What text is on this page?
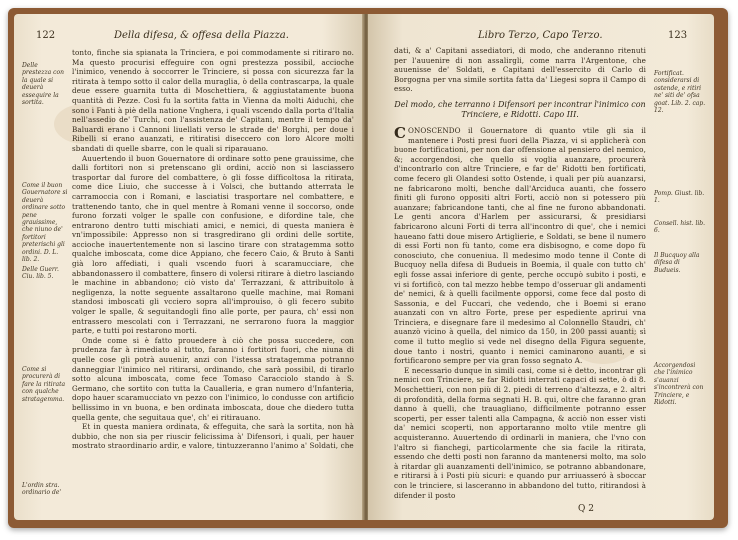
122	Della difesa, & offesa della Piazza.
Delle prestezza con la quale si deuerà essequire la sortita.
Come il buon Gouernatore si deuerà ordinare sotto pene grauissime, che niuno de' fortitori preterischi gli ordini. D. L. lib. 2.
Delle Guerr. Ciu. lib. 5.
Come si procurerà di fare la ritirata con qualche stratagemma.
L'ordin stra. ordinario de'

tonto, finche sia spianata la Trinciera, e poi commodamente si ritiraro no. Ma questo procurisi effeguire con ogni prestezza possibil, accioche l'inimico, venendo à soccorrer le Trinciere, si possa con sicurezza far la ritirata à tempo sotto il calor della muraglia, ò della contrascarpa, la quale deue essere guarnita tutta di Moschettiera, & aggiustatamente buona quantità di Pezze. Così fu la sortita fatta in Vienna da molti Aiduchi, che sono i Fanti à piè della natione Vnghera, i quali vscendo dalla porta d'Italia nell'assedio de' Turchi, con l'assistenza de' Capitani, mentre il tempo da' Baluardi erano i Cannoni liuellati verso le strade de' Borghi, per doue i Ribelli si erano auanzati, e ritiratisi diseccero con loro Alcore molti sbandati di quelle sbarre, con le quali si riparauano.

Auuertendo il buon Gouernatore di ordinare sotto pene grauissime, che dalli fortitori non si pretenscano gli ordini, acciò non si lasciassero trasportar dal furore del combattere, ò gli fosse difficoltosa la ritirata, come dice Liuio, che successe à i Volsci, che buttando atterrata le carramoccia con i Romani, e lasciatisi trasportare nel combattere, e trattenendo tanto, che in quel mentre à Romani venne il soccorso, onde furono forzati volger le spalle con confusione, e difordine tale, che entrarono dentro tutti mischiati amici, e nemici, di questa maniera è vn'impossibile: Appresso non si trasgredirano gli ordini delle sortite, accioche inauertentemente non si lascino tirare con stratagemma sotto qualche imboscata, come dice Appiano, che fecero Caio, & Bruto à Santi già loro affediati, i quali vscendo fuori à scaramucciare, che abbandonassero il combattere, finsero di volersi ritirare à dietro lasciando le machine in abbandono; ciò visto da' Terrazzani, & attribuitolo à negligenza, la notte seguente assaltarono quelle machine, mai Romani standosi imboscati gli vcciero sopra all'improuiso, ò gli fecero subito volger le spalle, & seguitandogli fino alle porte, per paura, ch' essi non entrassero mescolati con i Terrazzani, ne serrarono fuora la maggior parte, e tutti poi restarono morti.

Onde come si è fatto prouedere à ciò che possa succedere, con prudenza far à rimediato al tutto, faranno i fortitori fuori, che niuna di quelle cose gli potrà auuenir, anzi con l'istessa stratagemma potranno danneggiar l'inimico nel ritirarsi, ordinando, che sarà possibil, di tirarlo sotto alcuna imboscata, come fece Tomaso Caracciolo stando à S. Germano, che sortito con tutta la Caualleria, e gran numero d'Infanteria, dopo hauer scaramucciato vn pezzo con l'inimico, lo condusse con artificio bellissimo in vn buona, e ben ordinata imboscata, doue che diedero tutta quella gente, che seguitaua que', ch' ei ritirauano.

Et in questa maniera ordinata, & effeguita, che sarà la sortita, non hà dubbio, che non sia per riuscir felicissima à' Difensori, i quali, per hauer mostrato straordinario ardir, e valore, tintuzzeranno l'animo a' Soldati, che

Libro Terzo, Capo Terzo.	123

dati, & a' Capitani assediatori, di modo, che anderanno ritenuti per l'auuenire di non assalirgli, come narra l'Argentone, che auuenisse de' Soldati, e Capitani dell'essercito di Carlo di Borgogna per vna simile sortita fatta da' Liegesi sopra il Campo di esso.

Del modo, che terranno i Difensori per incontrar l'inimico con Trinciere, e Ridotti. Capo III.

CONOSCENDO il Gouernatore di quanto vtile gli sia il mantenere i Posti presi fuori della Piazza, vi si applicherà con buone fortificationi, per non dar offensione al pensiero del nemico, &; accorgendosi, che quello si voglia auanzare, procurerà d'incontrarlo con altre Trinciere, e far de' Ridotti ben fortificati, come fecero gli Olandesi sotto Ostende, i quali per più auanzarsi, ne fabricarono molti, benche dall'Arciduca auanti, che fossero finiti gli furono oppositi altri Forti, acciò non si potessero più auanzare; fabricandone tanti, che al fine ne furono abbandonati. Le genti ancora d'Harlem per assicurarsi, & presidiarsi fabricarono alcuni Forti di terra all'incontro di que', che i nemici haueano fatti doue misero Artiglierie, e Soldati, se bene il numero di essi Forti non fù tanto, come era disbisogno, e come dopo fù conosciuto, che conueniua. Il medesimo modo tenne il Conte di Bucquoy nella difesa di Budueis in Boemia, il quale con tutto ch' egli fosse assai inferiore di gente, perche occupò subito i posti, e vi si fortificò, con tal mezzo hebbe tempo d'osseruar gli andamenti de' nemici, & à quelli facilmente opporsi, come fece dal posto di Sassonia, e del Fuccari, che vedendo, che i Boemi si erano auanzati con vn altro Forte, prese per espediente aprirui vna Trinciera, e disegnare fare il medesimo al Colonnello Staudri, ch' auanzò vicino à quella, del nimico da 150, in 200 passi auanti; sì come il tutto meglio si vede nel disegno della Figura seguente, doue tanto i nostri, quanto i nemici caminarono auanti, e si fortificarono sempre per via gran fosso segnato A.

E necessario dunque in simili casi, come si è detto, incontrar gli nemici con Trinciere, se far Ridotti interrati capaci di sette, ò di 8. Moschettieri, con non più di 2. piedi di terreno d'altezza, e 2. altri di profondità, della forma segnati H. B. qui, oltre che faranno gran danno à quelli, che trauagliano, difficilmente potranno esser scoperti, per esser talenti alla Campagna, & acciò non esser visti da' nemici scoperti, non apportaranno molto vtile mentre gli acquisteranno. Auuertendo di ordinarli in maniera, che l'vno con l'altro si fianchegi, particolarmente che sia facile la ritirata, essendo che detti posti non faranno da mantenersi molto, ma solo à ritardar gli auanzamenti dell'inimico, se potranno abbandonare, e ritirarsi à i Posti più sicuri: e quando pur arriuasseró à sboccar con le trinciere, si lasceranno in abbandono del tutto, ritirandosi à difender il posto

Fortificat. considerarsi di ostende, e ritiri ne' siti de' ofsa goat. Lib. 2. cap. 12.
Pomp. Giust. lib. 1.
Consell. hist. lib. 6.
Il Bucquoy alla difesa di Budueis.
Accorgendosi che l'inimico s'auanzi s'incontrerà con Trinciere, e Ridotti.
Q 2
